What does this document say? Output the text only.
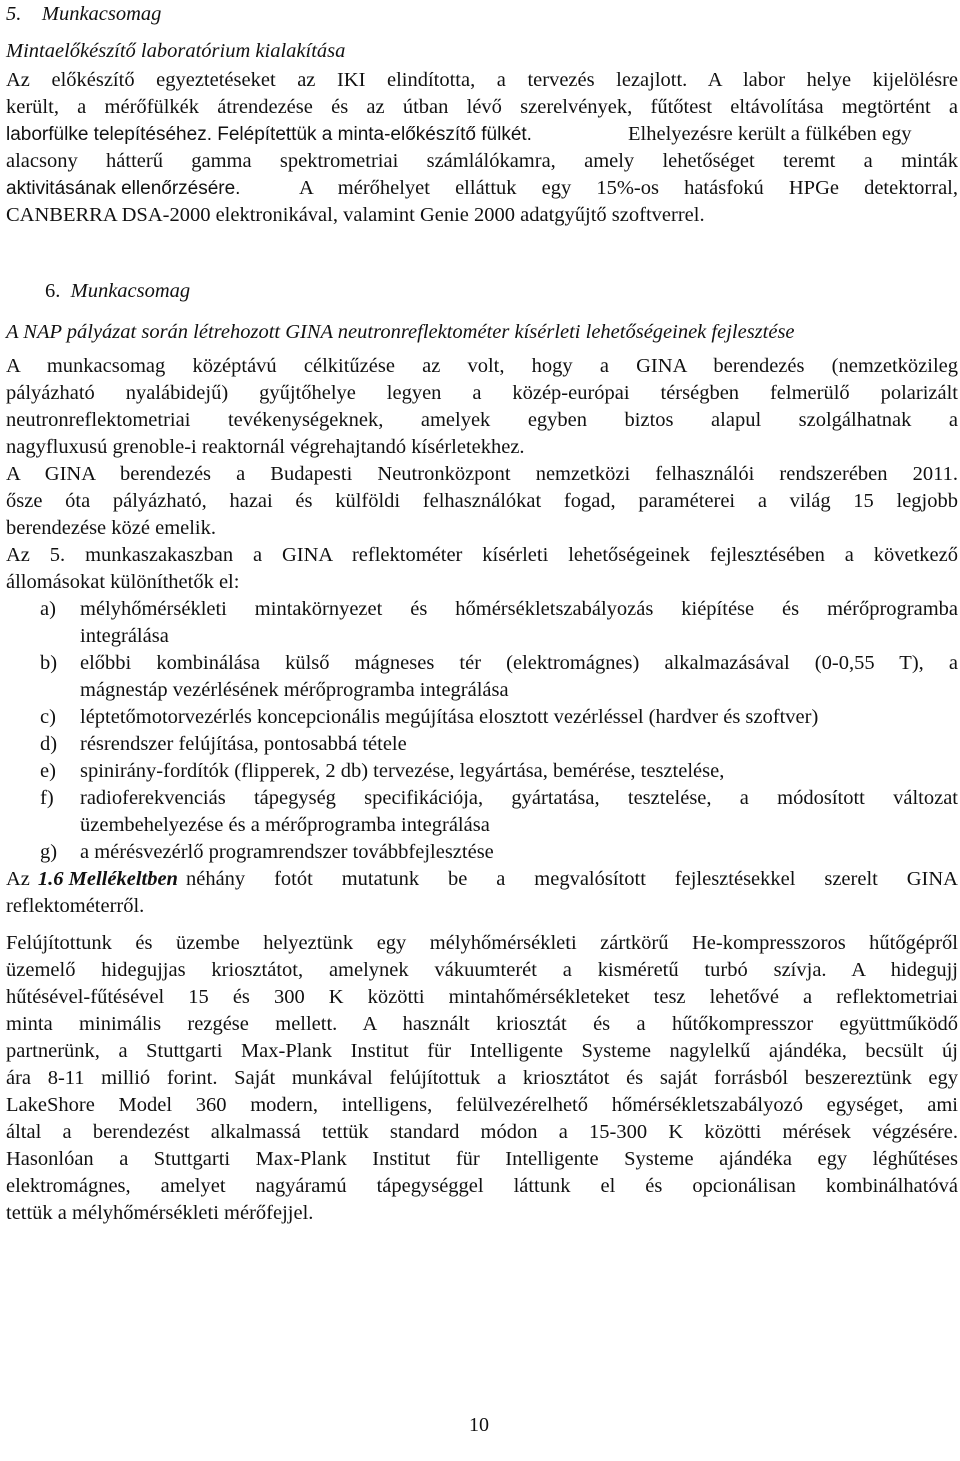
5. Munkacsomag
Mintaelőkészítő laboratórium kialakítása
Az előkészítő egyeztetéseket az IKI elindította, a tervezés lezajlott. A labor helye kijelölésre
került, a mérőfülkék átrendezése és az útban lévő szerelvények, fűtőtest eltávolítása megtörtént a
laborfülke telepítéséhez. Felépítettük a minta-előkészítő fülkét.	Elhelyezésre került a fülkében egy
alacsony hátterű gamma spektrometriai számlálókamra, amely lehetőséget teremt a minták
aktivitásának ellenőrzésére.	A mérőhelyet elláttuk egy 15%-os hatásfokú HPGe detektorral,
CANBERRA DSA-2000 elektronikával, valamint Genie 2000 adatgyűjtő szoftverrel.
6. Munkacsomag
A NAP pályázat során létrehozott GINA neutronreflektométer kísérleti lehetőségeinek fejlesztése
A munkacsomag középtávú célkitűzése az volt, hogy a GINA berendezés (nemzetközileg
pályázható nyalábidejű) gyűjtőhelye legyen a közép-európai térségben felmerülő polarizált
neutronreflektometriai tevékenységeknek, amelyek egyben biztos alapul szolgálhatnak a
nagyfluxusú grenoble-i reaktornál végrehajtandó kísérletekhez.
A GINA berendezés a Budapesti Neutronközpont nemzetközi felhasználói rendszerében 2011.
ősze óta pályázható, hazai és külföldi felhasználókat fogad, paraméterei a világ 15 legjobb
berendezése közé emelik.
Az 5. munkaszakaszban a GINA reflektométer kísérleti lehetőségeinek fejlesztésében a következő
állomásokat különíthetők el:
a)	mélyhőmérsékleti mintakörnyezet és hőmérsékletszabályozás kiépítése és mérőprogramba
integrálása
b)	előbbi kombinálása külső mágneses tér (elektromágnes) alkalmazásával (0-0,55 T), a
mágnestáp vezérlésének mérőprogramba integrálása
c)	léptetőmotorvezérlés koncepcionális megújítása elosztott vezérléssel (hardver és szoftver)
d)	résrendszer felújítása, pontosabbá tétele
e)	spinirány-fordítók (flipperek, 2 db) tervezése, legyártása, bemérése, tesztelése,
f)	radioferekvenciás tápegység specifikációja, gyártatása, tesztelése, a módosított változat
üzembehelyezése és a mérőprogramba integrálása
g)	a mérésvezérlő programrendszer továbbfejlesztése
Az 1.6 Mellékeltben néhány fotót mutatunk be a megvalósított fejlesztésekkel szerelt GINA
reflektométerről.
Felújítottunk és üzembe helyeztünk egy mélyhőmérsékleti zártkörű He-kompresszoros hűtőgépről
üzemelő hidegujjas kriosztátot, amelynek vákuumterét a kisméretű turbó szívja. A hidegujj
hűtésével-fűtésével 15 és 300 K közötti mintahőmérsékleteket tesz lehetővé a reflektometriai
minta minimális rezgése mellett. A használt kriosztát és a hűtőkompresszor együttműködő
partnerünk, a Stuttgarti Max-Plank Institut für Intelligente Systeme nagylelkű ajándéka, becsült új
ára 8-11 millió forint. Saját munkával felújítottuk a kriosztátot és saját forrásból beszereztünk egy
LakeShore Model 360 modern, intelligens, felülvezérelhető hőmérsékletszabályozó egységet, ami
által a berendezést alkalmassá tettük standard módon a 15-300 K közötti mérések végzésére.
Hasonlóan a Stuttgarti Max-Plank Institut für Intelligente Systeme ajándéka egy léghűtéses
elektromágnes, amelyet nagyáramú tápegységgel láttunk el és opcionálisan kombinálhatóvá
tettük a mélyhőmérsékleti mérőfejjel.
10
